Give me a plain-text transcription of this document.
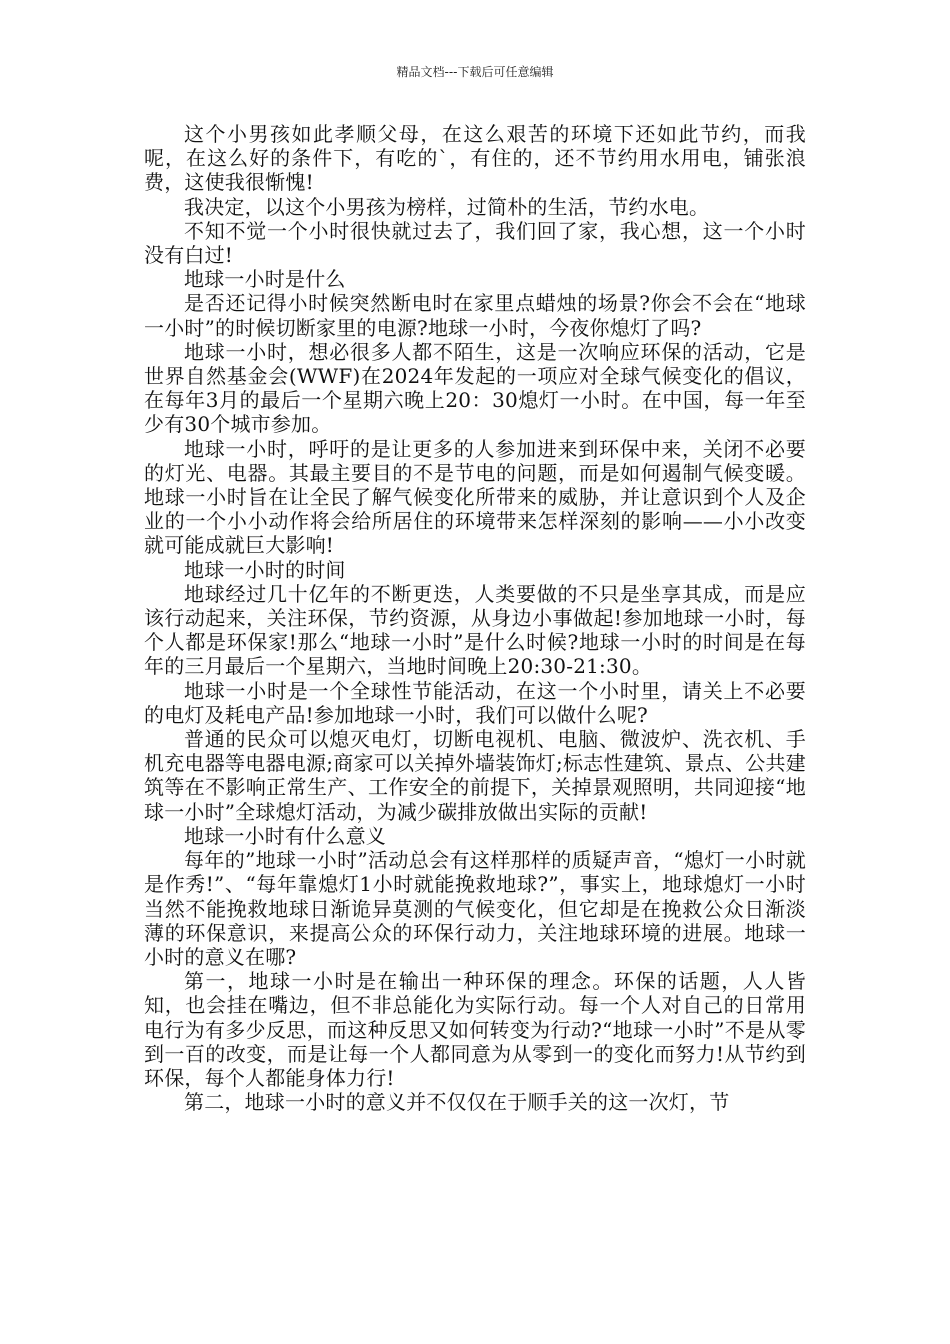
精品文档---下载后可任意编辑

这个小男孩如此孝顺父母，在这么艰苦的环境下还如此节约，而我呢，在这么好的条件下，有吃的`，有住的，还不节约用水用电，铺张浪费，这使我很惭愧!

我决定，以这个小男孩为榜样，过简朴的生活，节约水电。

不知不觉一个小时很快就过去了，我们回了家，我心想，这一个小时没有白过!

地球一小时是什么

是否还记得小时候突然断电时在家里点蜡烛的场景?你会不会在“地球一小时”的时候切断家里的电源?地球一小时，今夜你熄灯了吗?

地球一小时，想必很多人都不陌生，这是一次响应环保的活动，它是世界自然基金会(WWF)在2024年发起的一项应对全球气候变化的倡议，在每年3月的最后一个星期六晚上20：30熄灯一小时。在中国，每一年至少有30个城市参加。

地球一小时，呼吁的是让更多的人参加进来到环保中来，关闭不必要的灯光、电器。其最主要目的不是节电的问题，而是如何遏制气候变暖。地球一小时旨在让全民了解气候变化所带来的威胁，并让意识到个人及企业的一个小小动作将会给所居住的环境带来怎样深刻的影响——小小改变就可能成就巨大影响!

地球一小时的时间

地球经过几十亿年的不断更迭，人类要做的不只是坐享其成，而是应该行动起来，关注环保，节约资源，从身边小事做起!参加地球一小时，每个人都是环保家!那么“地球一小时”是什么时候?地球一小时的时间是在每年的三月最后一个星期六，当地时间晚上20:30-21:30。

地球一小时是一个全球性节能活动，在这一个小时里，请关上不必要的电灯及耗电产品!参加地球一小时，我们可以做什么呢?

普通的民众可以熄灭电灯，切断电视机、电脑、微波炉、洗衣机、手机充电器等电器电源;商家可以关掉外墙装饰灯;标志性建筑、景点、公共建筑等在不影响正常生产、工作安全的前提下，关掉景观照明，共同迎接“地球一小时”全球熄灯活动，为减少碳排放做出实际的贡献!

地球一小时有什么意义

每年的”地球一小时”活动总会有这样那样的质疑声音，“熄灯一小时就是作秀!”、“每年靠熄灯1小时就能挽救地球?”，事实上，地球熄灯一小时当然不能挽救地球日渐诡异莫测的气候变化，但它却是在挽救公众日渐淡薄的环保意识，来提高公众的环保行动力，关注地球环境的进展。地球一小时的意义在哪?

第一，地球一小时是在输出一种环保的理念。环保的话题，人人皆知，也会挂在嘴边，但不非总能化为实际行动。每一个人对自己的日常用电行为有多少反思，而这种反思又如何转变为行动?“地球一小时”不是从零到一百的改变，而是让每一个人都同意为从零到一的变化而努力!从节约到环保，每个人都能身体力行!

第二，地球一小时的意义并不仅仅在于顺手关的这一次灯，节
